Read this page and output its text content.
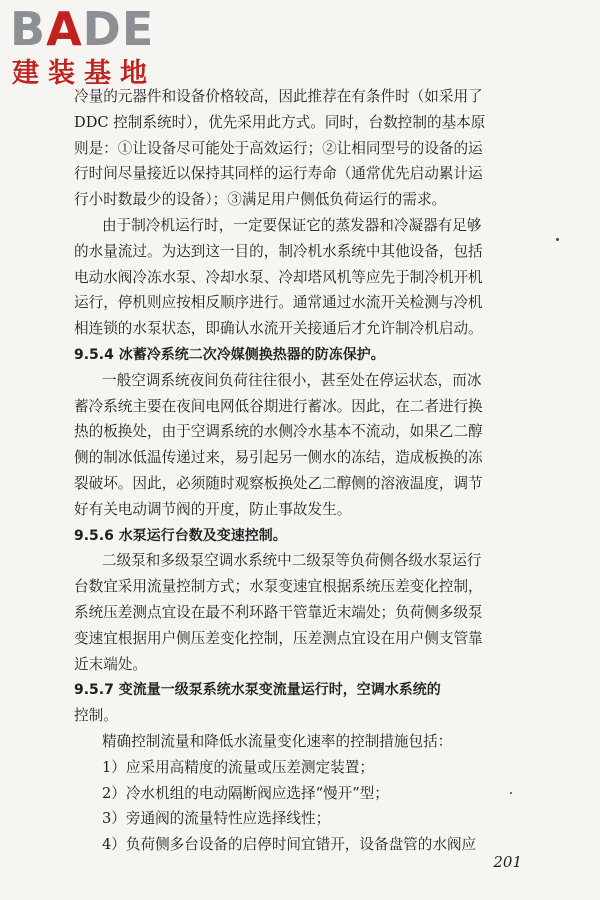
BADE
建装基地
冷量的元器件和设备价格较高，因此推荐在有条件时（如采用了
DDC 控制系统时），优先采用此方式。同时，台数控制的基本原
则是：①让设备尽可能处于高效运行；②让相同型号的设备的运
行时间尽量接近以保持其同样的运行寿命（通常优先启动累计运
行小时数最少的设备）；③满足用户侧低负荷运行的需求。
由于制冷机运行时，一定要保证它的蒸发器和冷凝器有足够
的水量流过。为达到这一目的，制冷机水系统中其他设备，包括
电动水阀冷冻水泵、冷却水泵、冷却塔风机等应先于制冷机开机
运行，停机则应按相反顺序进行。通常通过水流开关检测与冷机
相连锁的水泵状态，即确认水流开关接通后才允许制冷机启动。
9.5.4 冰蓄冷系统二次冷媒侧换热器的防冻保护。
一般空调系统夜间负荷往往很小，甚至处在停运状态，而冰
蓄冷系统主要在夜间电网低谷期进行蓄冰。因此，在二者进行换
热的板换处，由于空调系统的水侧冷水基本不流动，如果乙二醇
侧的制冰低温传递过来，易引起另一侧水的冻结，造成板换的冻
裂破坏。因此，必须随时观察板换处乙二醇侧的溶液温度，调节
好有关电动调节阀的开度，防止事故发生。
9.5.6 水泵运行台数及变速控制。
二级泵和多级泵空调水系统中二级泵等负荷侧各级水泵运行
台数宜采用流量控制方式；水泵变速宜根据系统压差变化控制，
系统压差测点宜设在最不利环路干管靠近末端处；负荷侧多级泵
变速宜根据用户侧压差变化控制，压差测点宜设在用户侧支管靠
近末端处。
9.5.7 变流量一级泵系统水泵变流量运行时，空调水系统的
控制。
精确控制流量和降低水流量变化速率的控制措施包括：
1）应采用高精度的流量或压差测定装置；
2）冷水机组的电动隔断阀应选择“慢开”型；
3）旁通阀的流量特性应选择线性；
4）负荷侧多台设备的启停时间宜错开，设备盘管的水阀应
201
